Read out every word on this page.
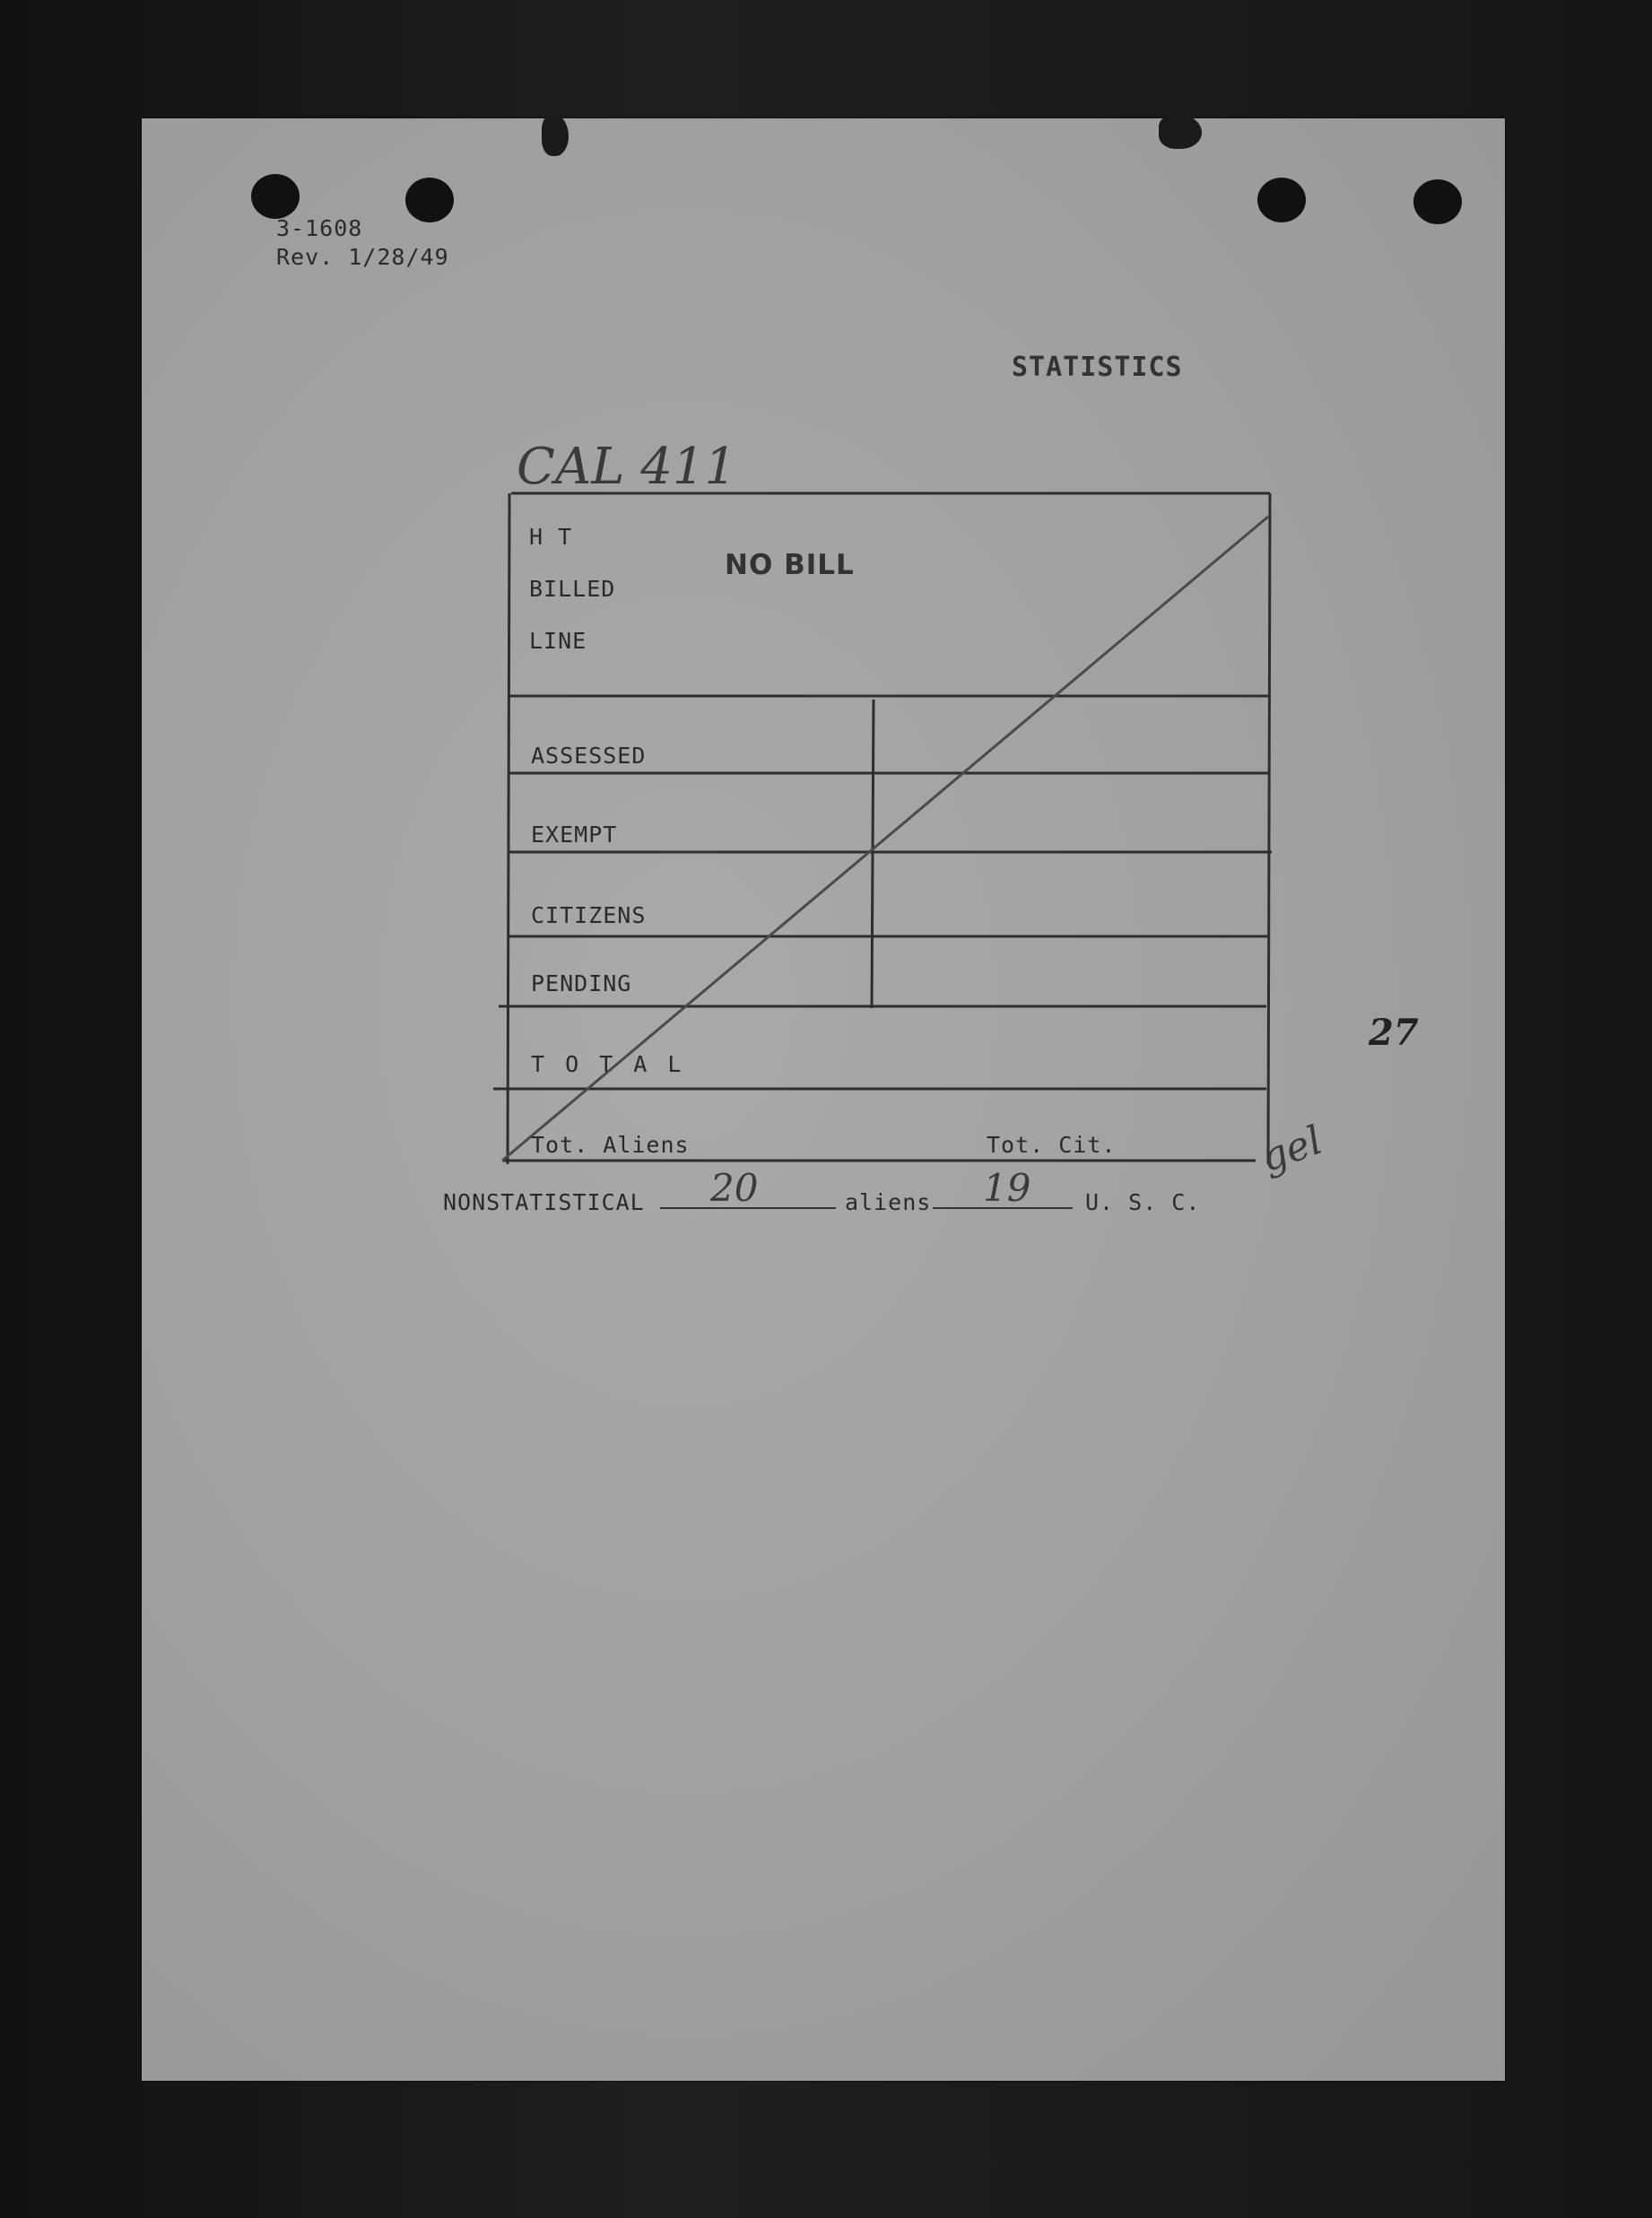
3-1608
Rev. 1/28/49
STATISTICS
CAL 411
H T
BILLED
LINE
NO BILL
ASSESSED
EXEMPT
CITIZENS
PENDING
T O T A L
Tot. Aliens	Tot. Cit.	gel
27
NONSTATISTICAL 20	aliens 19 U. S. C.
